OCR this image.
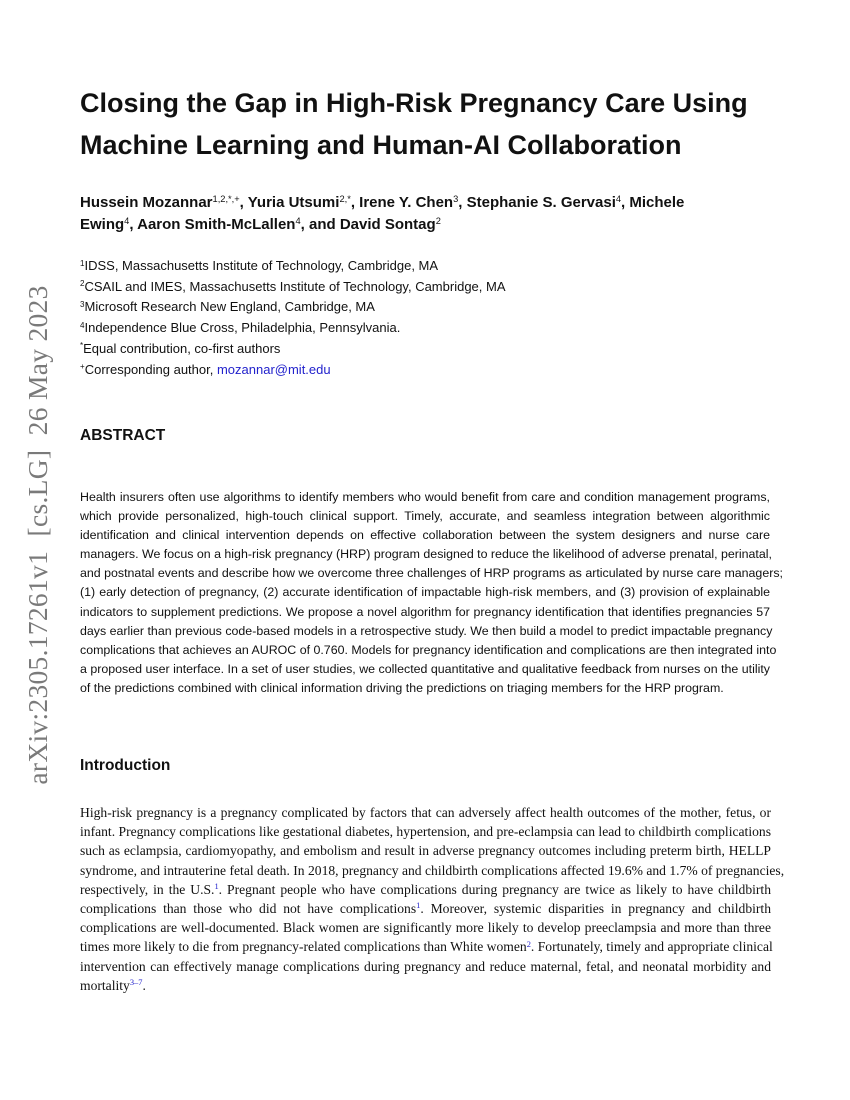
arXiv:2305.17261v1  [cs.LG]  26 May 2023
Closing the Gap in High-Risk Pregnancy Care Using
Machine Learning and Human-AI Collaboration
Hussein Mozannar$^{1,2,*,+}$, Yuria Utsumi$^{2,*}$, Irene Y. Chen$^3$, Stephanie S. Gervasi$^4$, Michele
Ewing$^4$, Aaron Smith-McLallen$^4$, and David Sontag$^2$
$^1$IDSS, Massachusetts Institute of Technology, Cambridge, MA
$^2$CSAIL and IMES, Massachusetts Institute of Technology, Cambridge, MA
$^3$Microsoft Research New England, Cambridge, MA
$^4$Independence Blue Cross, Philadelphia, Pennsylvania.
*Equal contribution, co-first authors
+Corresponding author, mozannar@mit.edu
ABSTRACT
Health insurers often use algorithms to identify members who would benefit from care and condition management programs,
which provide personalized, high-touch clinical support. Timely, accurate, and seamless integration between algorithmic
identification and clinical intervention depends on effective collaboration between the system designers and nurse care
managers. We focus on a high-risk pregnancy (HRP) program designed to reduce the likelihood of adverse prenatal, perinatal,
and postnatal events and describe how we overcome three challenges of HRP programs as articulated by nurse care managers;
(1) early detection of pregnancy, (2) accurate identification of impactable high-risk members, and (3) provision of explainable
indicators to supplement predictions. We propose a novel algorithm for pregnancy identification that identifies pregnancies 57
days earlier than previous code-based models in a retrospective study. We then build a model to predict impactable pregnancy
complications that achieves an AUROC of 0.760. Models for pregnancy identification and complications are then integrated into
a proposed user interface. In a set of user studies, we collected quantitative and qualitative feedback from nurses on the utility
of the predictions combined with clinical information driving the predictions on triaging members for the HRP program.
Introduction
High-risk pregnancy is a pregnancy complicated by factors that can adversely affect health outcomes of the mother, fetus, or
infant. Pregnancy complications like gestational diabetes, hypertension, and pre-eclampsia can lead to childbirth complications
such as eclampsia, cardiomyopathy, and embolism and result in adverse pregnancy outcomes including preterm birth, HELLP
syndrome, and intrauterine fetal death. In 2018, pregnancy and childbirth complications affected 19.6% and 1.7% of pregnancies,
respectively, in the U.S.$^1$. Pregnant people who have complications during pregnancy are twice as likely to have childbirth
complications than those who did not have complications$^1$. Moreover, systemic disparities in pregnancy and childbirth
complications are well-documented. Black women are significantly more likely to develop preeclampsia and more than three
times more likely to die from pregnancy-related complications than White women$^2$. Fortunately, timely and appropriate clinical
intervention can effectively manage complications during pregnancy and reduce maternal, fetal, and neonatal morbidity and
mortality$^{3-7}$.
